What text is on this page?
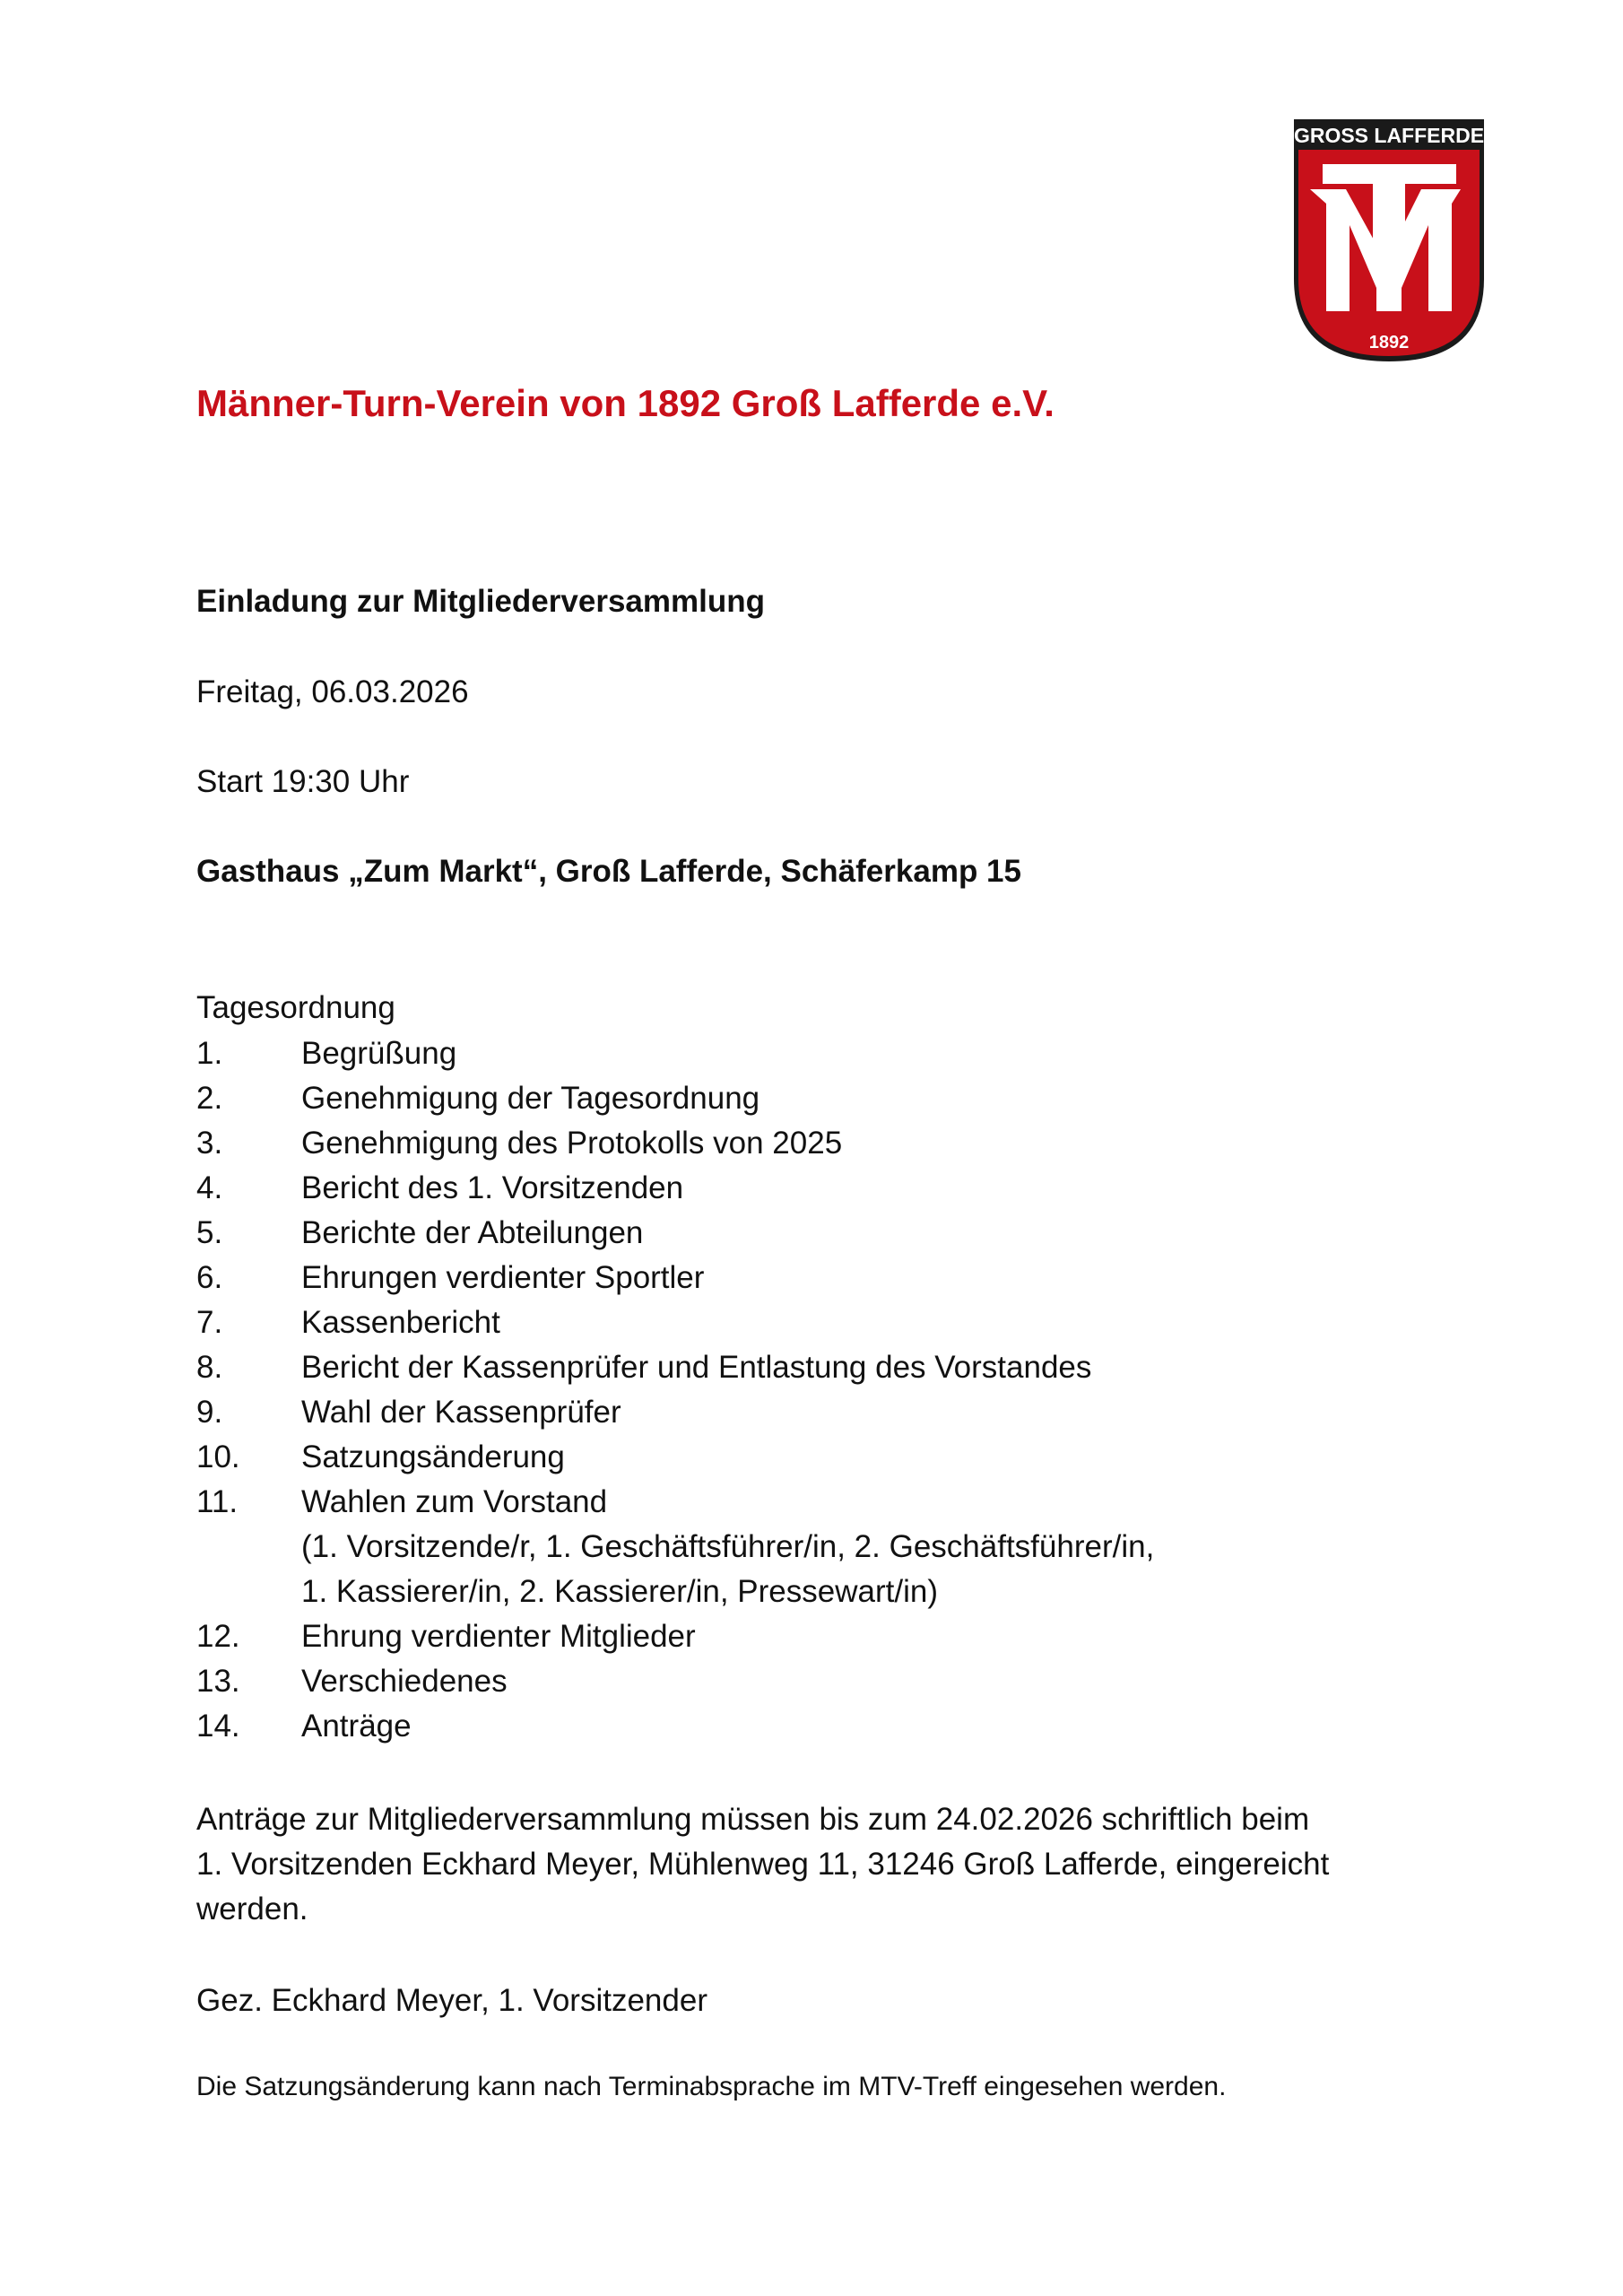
GROSS LAFFERDE
1892
Männer-Turn-Verein von 1892 Groß Lafferde e.V.
Einladung zur Mitgliederversammlung
Freitag, 06.03.2026
Start 19:30 Uhr
Gasthaus „Zum Markt“, Groß Lafferde, Schäferkamp 15
Tagesordnung
1.	Begrüßung
2.	Genehmigung der Tagesordnung
3.	Genehmigung des Protokolls von 2025
4.	Bericht des 1. Vorsitzenden
5.	Berichte der Abteilungen
6.	Ehrungen verdienter Sportler
7.	Kassenbericht
8.	Bericht der Kassenprüfer und Entlastung des Vorstandes
9.	Wahl der Kassenprüfer
10. Satzungsänderung
11. Wahlen zum Vorstand
(1. Vorsitzende/r, 1. Geschäftsführer/in, 2. Geschäftsführer/in,
1. Kassierer/in, 2. Kassierer/in, Pressewart/in)
12. Ehrung verdienter Mitglieder
13. Verschiedenes
14. Anträge
Anträge zur Mitgliederversammlung müssen bis zum 24.02.2026 schriftlich beim
1. Vorsitzenden Eckhard Meyer, Mühlenweg 11, 31246 Groß Lafferde, eingereicht
werden.
Gez. Eckhard Meyer, 1. Vorsitzender
Die Satzungsänderung kann nach Terminabsprache im MTV-Treff eingesehen werden.
